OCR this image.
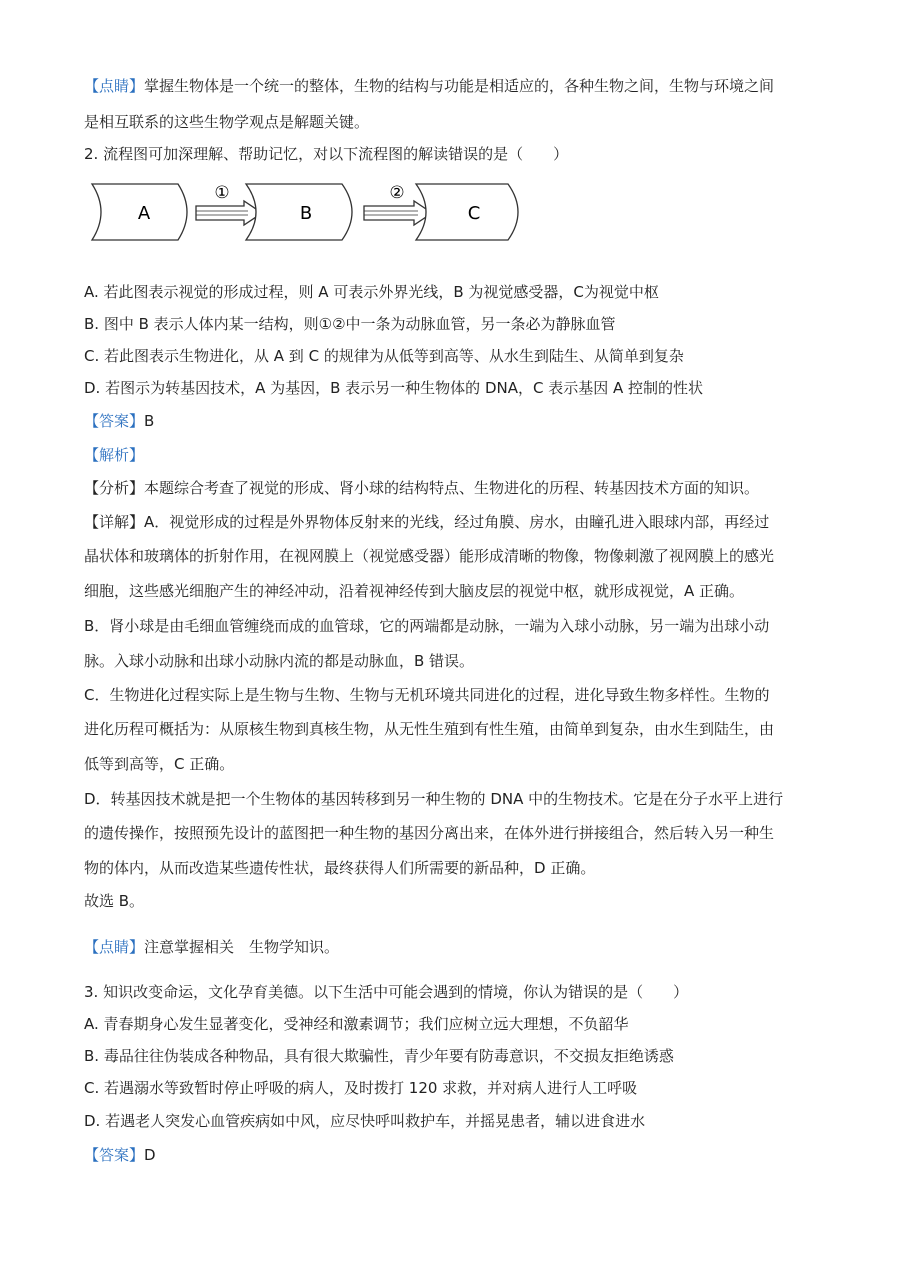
【点睛】掌握生物体是一个统一的整体，生物的结构与功能是相适应的，各种生物之间，生物与环境之间
是相互联系的这些生物学观点是解题关键。
2. 流程图可加深理解、帮助记忆，对以下流程图的解读错误的是（　　）
A
①
B
②
C
A. 若此图表示视觉的形成过程，则 A 可表示外界光线，B 为视觉感受器，C为视觉中枢
B. 图中 B 表示人体内某一结构，则①②中一条为动脉血管，另一条必为静脉血管
C. 若此图表示生物进化，从 A 到 C 的规律为从低等到高等、从水生到陆生、从简单到复杂
D. 若图示为转基因技术，A 为基因，B 表示另一种生物体的 DNA，C 表示基因 A 控制的性状
【答案】B
【解析】
【分析】本题综合考查了视觉的形成、肾小球的结构特点、生物进化的历程、转基因技术方面的知识。
【详解】A．视觉形成的过程是外界物体反射来的光线，经过角膜、房水，由瞳孔进入眼球内部，再经过
晶状体和玻璃体的折射作用，在视网膜上（视觉感受器）能形成清晰的物像，物像刺激了视网膜上的感光
细胞，这些感光细胞产生的神经冲动，沿着视神经传到大脑皮层的视觉中枢，就形成视觉，A 正确。
B．肾小球是由毛细血管缠绕而成的血管球，它的两端都是动脉，一端为入球小动脉，另一端为出球小动
脉。入球小动脉和出球小动脉内流的都是动脉血，B 错误。
C．生物进化过程实际上是生物与生物、生物与无机环境共同进化的过程，进化导致生物多样性。生物的
进化历程可概括为：从原核生物到真核生物，从无性生殖到有性生殖，由简单到复杂，由水生到陆生，由
低等到高等，C 正确。
D．转基因技术就是把一个生物体的基因转移到另一种生物的 DNA 中的生物技术。它是在分子水平上进行
的遗传操作，按照预先设计的蓝图把一种生物的基因分离出来，在体外进行拼接组合，然后转入另一种生
物的体内，从而改造某些遗传性状，最终获得人们所需要的新品种，D 正确。
故选 B。
【点睛】注意掌握相关　生物学知识。
3. 知识改变命运，文化孕育美德。以下生活中可能会遇到的情境，你认为错误的是（　　）
A. 青春期身心发生显著变化，受神经和激素调节；我们应树立远大理想，不负韶华
B. 毒品往往伪装成各种物品，具有很大欺骗性，青少年要有防毒意识，不交损友拒绝诱惑
C. 若遇溺水等致暂时停止呼吸的病人，及时拨打 120 求救，并对病人进行人工呼吸
D. 若遇老人突发心血管疾病如中风，应尽快呼叫救护车，并摇晃患者，辅以进食进水
【答案】D
